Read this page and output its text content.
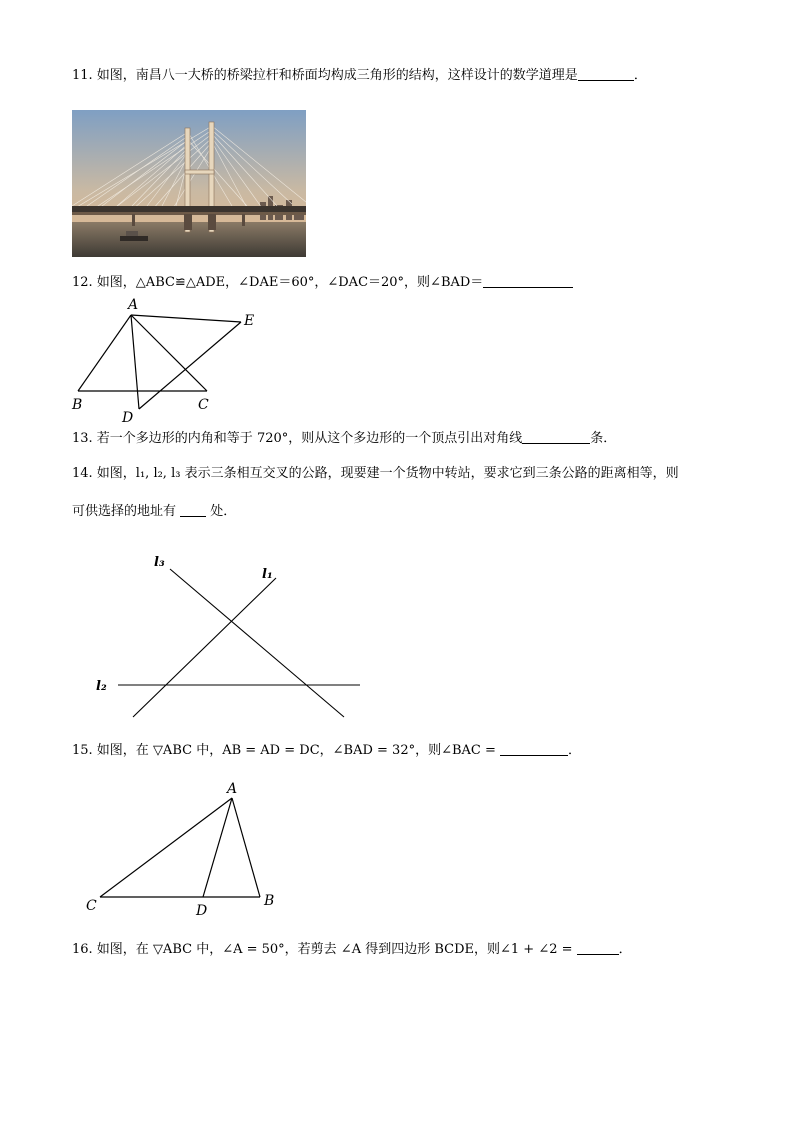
11. 如图，南昌八一大桥的桥梁拉杆和桥面均构成三角形的结构，这样设计的数学道理是	．
12. 如图，△ABC≌△ADE，∠DAE＝60°，∠DAC＝20°，则∠BAD＝
A
E
B
D
C
13. 若一个多边形的内角和等于 720°，则从这个多边形的一个顶点引出对角线	条．
14. 如图，l₁, l₂, l₃ 表示三条相互交叉的公路，现要建一个货物中转站，要求它到三条公路的距离相等，则
可供选择的地址有	处．
l₃
l₁
l₂
15. 如图，在 ▽ABC 中，AB = AD = DC，∠BAD = 32°，则∠BAC =	．
A
C	D
B
16. 如图，在 ▽ABC 中，∠A = 50°，若剪去 ∠A 得到四边形 BCDE，则∠1 + ∠2 =	．
